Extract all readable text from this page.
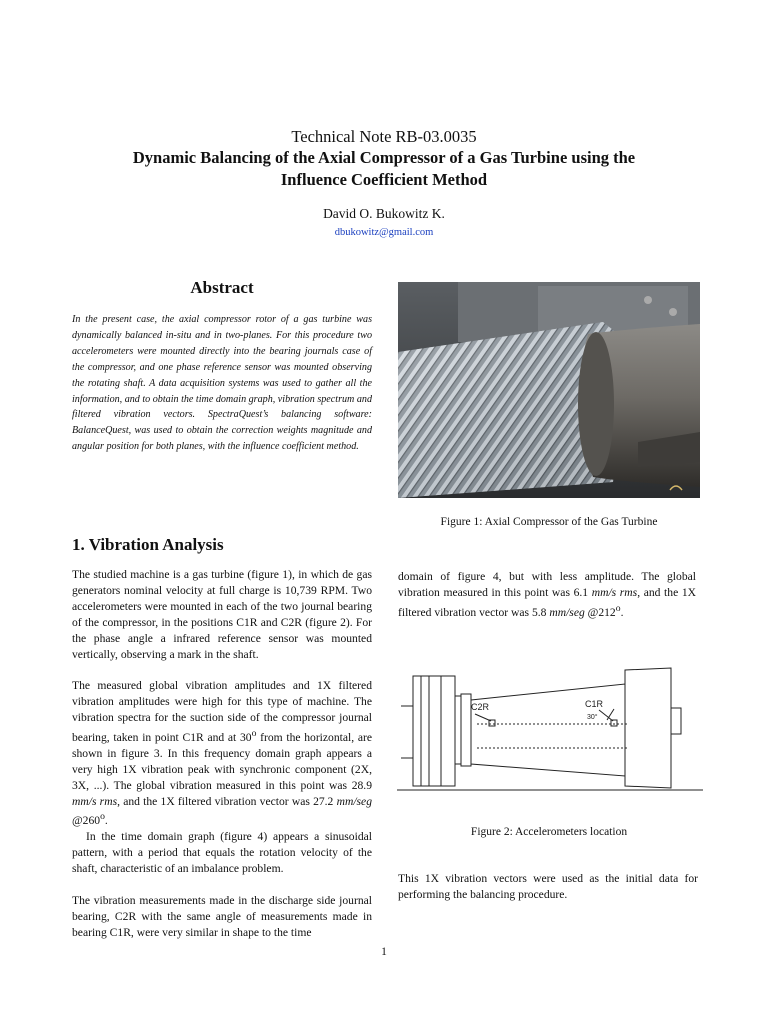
Technical Note RB-03.0035
Dynamic Balancing of the Axial Compressor of a Gas Turbine using the
Influence Coefficient Method
David O. Bukowitz K.
dbukowitz@gmail.com
Abstract
In the present case, the axial compressor rotor of a gas turbine was dynamically balanced in-situ and in two-planes. For this procedure two accelerometers were mounted directly into the bearing journals case of the compressor, and one phase reference sensor was mounted observing the rotating shaft. A data acquisition systems was used to gather all the information, and to obtain the time domain graph, vibration spectrum and filtered vibration vectors. SpectraQuest’s balancing software: BalanceQuest, was used to obtain the correction weights magnitude and angular position for both planes, with the influence coefficient method.
Figure 1: Axial Compressor of the Gas Turbine
1. Vibration Analysis

The studied machine is a gas turbine (figure 1), in which de gas generators nominal velocity at full charge is 10,739 RPM. Two accelerometers were mounted in each of the two journal bearing of the compressor, in the positions C1R and C2R (figure 2). For the phase angle a infrared reference sensor was mounted vertically, observing a mark in the shaft.

The measured global vibration amplitudes and 1X filtered vibration amplitudes were high for this type of machine. The vibration spectra for the suction side of the compressor journal bearing, taken in point C1R and at 30$^o$ from the horizontal, are shown in figure 3. In this frequency domain graph appears a very high 1X vibration peak with synchronic component (2X, 3X, ...). The global vibration measured in this point was 28.9 mm/s rms, and the 1X filtered vibration vector was 27.2 mm/seg @260$^o$.

In the time domain graph (figure 4) appears a sinusoidal pattern, with a period that equals the rotation velocity of the shaft, characteristic of an imbalance problem.

The vibration measurements made in the discharge side journal bearing, C2R with the same angle of measurements made in bearing C1R, were very similar in shape to the time

domain of figure 4, but with less amplitude. The global vibration measured in this point was 6.1 mm/s rms, and the 1X filtered vibration vector was 5.8 mm/seg @212$^o$.

C2R	C1R
30°
Figure 2: Accelerometers location

This 1X vibration vectors were used as the initial data for performing the balancing procedure.

1
